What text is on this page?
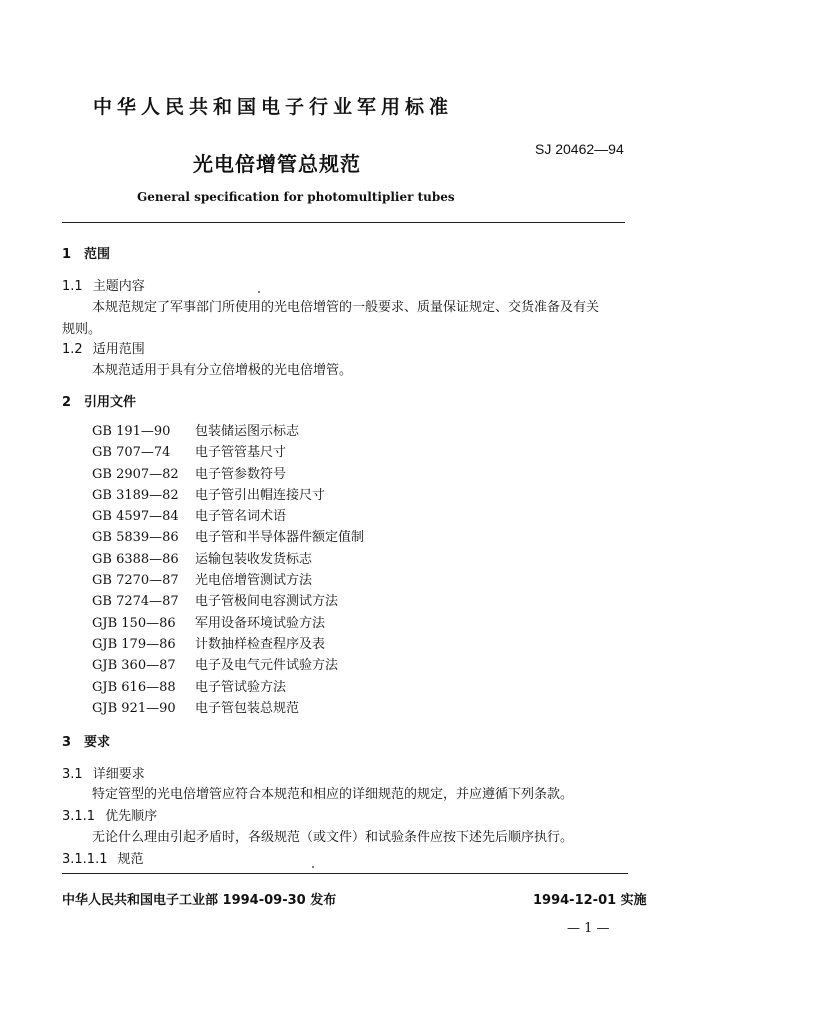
中华人民共和国电子行业军用标准
SJ 20462—94
光电倍增管总规范
General specification for photomultiplier tubes
1 范围
1.1 主题内容
本规范规定了军事部门所使用的光电倍增管的一般要求、质量保证规定、交货准备及有关
规则。
1.2 适用范围
本规范适用于具有分立倍增极的光电倍增管。
2 引用文件
GB 191—90 包装储运图示标志
GB 707—74 电子管管基尺寸
GB 2907—82 电子管参数符号
GB 3189—82 电子管引出帽连接尺寸
GB 4597—84 电子管名词术语
GB 5839—86 电子管和半导体器件额定值制
GB 6388—86 运输包装收发货标志
GB 7270—87 光电倍增管测试方法
GB 7274—87 电子管极间电容测试方法
GJB 150—86 军用设备环境试验方法
GJB 179—86 计数抽样检查程序及表
GJB 360—87 电子及电气元件试验方法
GJB 616—88 电子管试验方法
GJB 921—90 电子管包装总规范
3 要求
3.1 详细要求
特定管型的光电倍增管应符合本规范和相应的详细规范的规定，并应遵循下列条款。
3.1.1 优先顺序
无论什么理由引起矛盾时，各级规范（或文件）和试验条件应按下述先后顺序执行。
3.1.1.1 规范
中华人民共和国电子工业部 1994-09-30 发布	1994-12-01 实施
— 1 —
